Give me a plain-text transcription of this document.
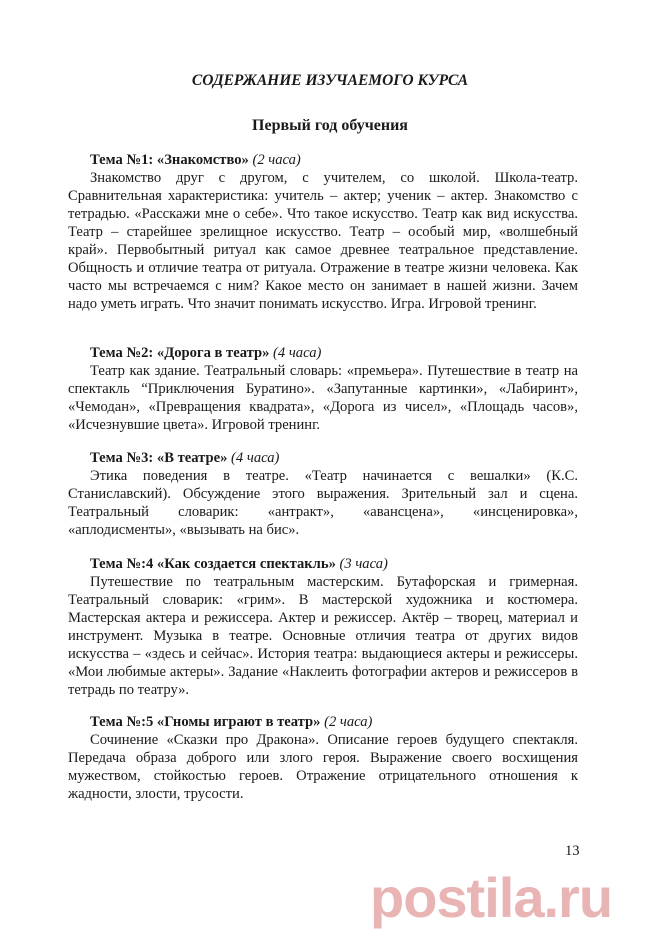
СОДЕРЖАНИЕ ИЗУЧАЕМОГО КУРСА
Первый год обучения
Тема №1: «Знакомство» (2 часа)

Знакомство друг с другом, с учителем, со школой. Школа-театр. Сравнительная характеристика: учитель – актер; ученик – актер. Знакомство с тетрадью. «Расскажи мне о себе». Что такое искусство. Театр как вид искусства. Театр – старейшее зрелищное искусство. Театр – особый мир, «волшебный край». Первобытный ритуал как самое древнее театральное представление. Общность и отличие театра от ритуала. Отражение в театре жизни человека. Как часто мы встречаемся с ним? Какое место он занимает в нашей жизни. Зачем надо уметь играть. Что значит понимать искусство. Игра. Игровой тренинг.

Тема №2: «Дорога в театр» (4 часа)

Театр как здание. Театральный словарь: «премьера». Путешествие в театр на спектакль “Приключения Буратино». «Запутанные картинки», «Лабиринт», «Чемодан», «Превращения квадрата», «Дорога из чисел», «Площадь часов», «Исчезнувшие цвета». Игровой тренинг.

Тема №3: «В театре» (4 часа)

Этика поведения в театре. «Театр начинается с вешалки» (К.С. Станиславский). Обсуждение этого выражения. Зрительный зал и сцена. Театральный словарик: «антракт», «авансцена», «инсценировка», «аплодисменты», «вызывать на бис».

Тема №:4 «Как создается спектакль» (3 часа)

Путешествие по театральным мастерским. Бутафорская и гримерная. Театральный словарик: «грим». В мастерской художника и костюмера. Мастерская актера и режиссера. Актер и режиссер. Актёр – творец, материал и инструмент. Музыка в театре. Основные отличия театра от других видов искусства – «здесь и сейчас». История театра: выдающиеся актеры и режиссеры. «Мои любимые актеры». Задание «Наклеить фотографии актеров и режиссеров в тетрадь по театру».

Тема №:5 «Гномы играют в театр» (2 часа)

Сочинение «Сказки про Дракона». Описание героев будущего спектакля. Передача образа доброго или злого героя. Выражение своего восхищения мужеством, стойкостью героев. Отражение отрицательного отношения к жадности, злости, трусости.

13
postila.ru
